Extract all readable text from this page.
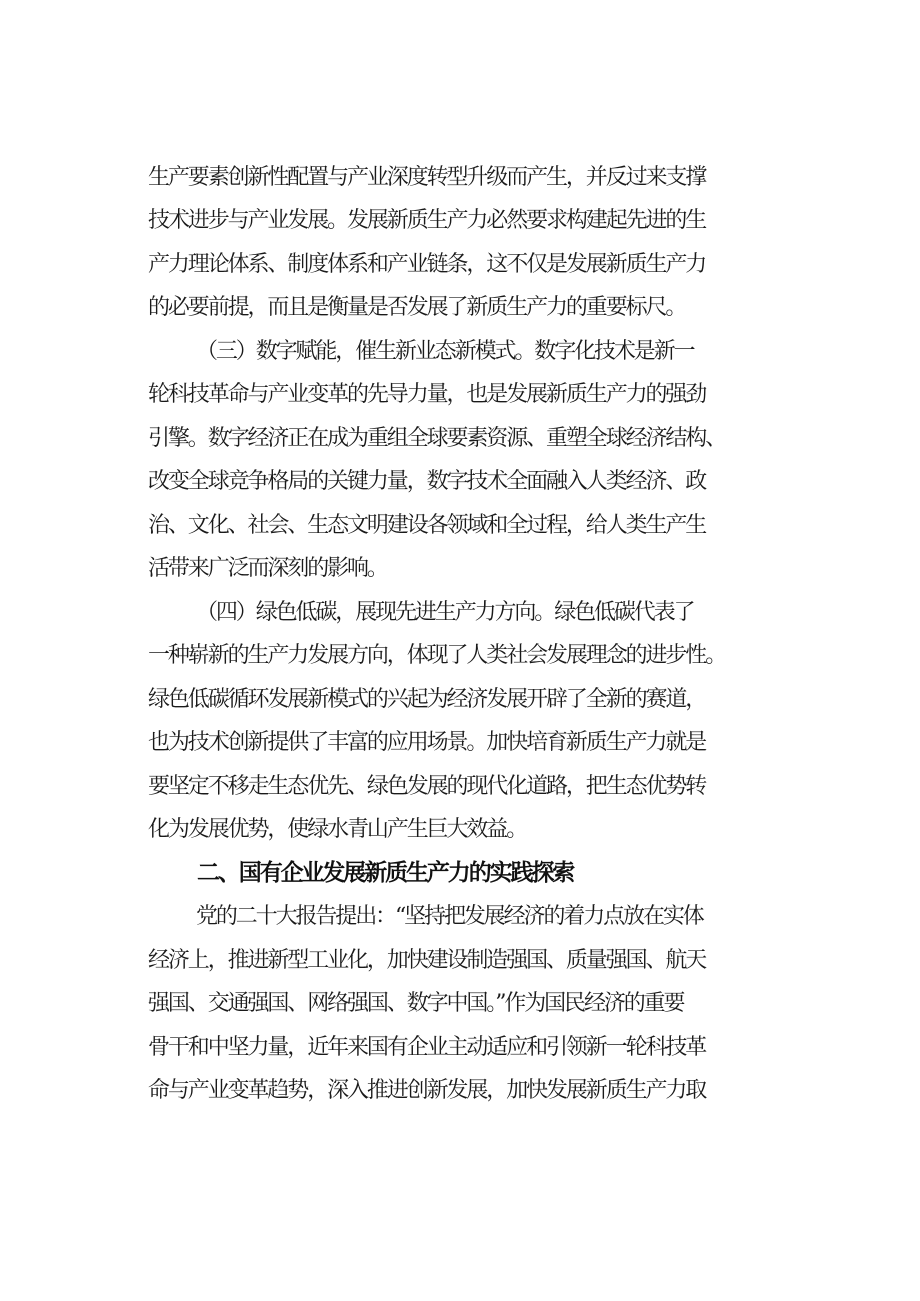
生产要素创新性配置与产业深度转型升级而产生，并反过来支撑
技术进步与产业发展。发展新质生产力必然要求构建起先进的生
产力理论体系、制度体系和产业链条，这不仅是发展新质生产力
的必要前提，而且是衡量是否发展了新质生产力的重要标尺。
（三）数字赋能，催生新业态新模式。数字化技术是新一
轮科技革命与产业变革的先导力量，也是发展新质生产力的强劲
引擎。数字经济正在成为重组全球要素资源、重塑全球经济结构、
改变全球竞争格局的关键力量，数字技术全面融入人类经济、政
治、文化、社会、生态文明建设各领域和全过程，给人类生产生
活带来广泛而深刻的影响。
（四）绿色低碳，展现先进生产力方向。绿色低碳代表了
一种崭新的生产力发展方向，体现了人类社会发展理念的进步性。
绿色低碳循环发展新模式的兴起为经济发展开辟了全新的赛道，
也为技术创新提供了丰富的应用场景。加快培育新质生产力就是
要坚定不移走生态优先、绿色发展的现代化道路，把生态优势转
化为发展优势，使绿水青山产生巨大效益。
二、国有企业发展新质生产力的实践探索
党的二十大报告提出：“坚持把发展经济的着力点放在实体
经济上，推进新型工业化，加快建设制造强国、质量强国、航天
强国、交通强国、网络强国、数字中国。”作为国民经济的重要
骨干和中坚力量，近年来国有企业主动适应和引领新一轮科技革
命与产业变革趋势，深入推进创新发展，加快发展新质生产力取
